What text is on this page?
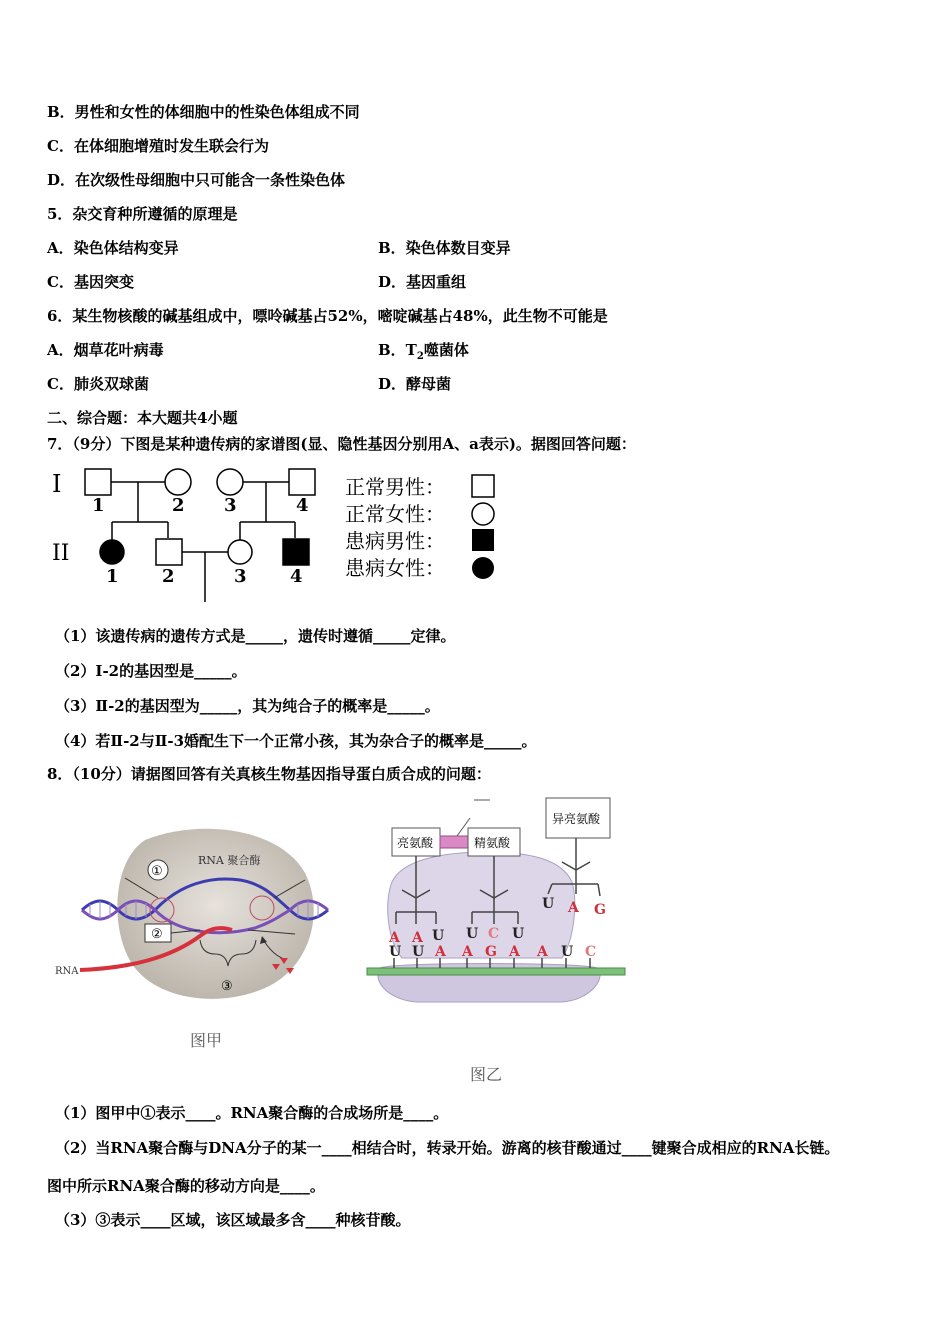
B．男性和女性的体细胞中的性染色体组成不同
C．在体细胞增殖时发生联会行为
D．在次级性母细胞中只可能含一条性染色体
5．杂交育种所遵循的原理是
A．染色体结构变异	B．染色体数目变异
C．基因突变	D．基因重组
6．某生物核酸的碱基组成中，嘌呤碱基占52%，嘧啶碱基占48%，此生物不可能是
A．烟草花叶病毒	B．$T_2$噬菌体
C．肺炎双球菌	D．酵母菌
二、综合题：本大题共4小题
7．（9分）下图是某种遗传病的家谱图(显、隐性基因分别用A、a表示)。据图回答问题：
I
II
1	2 3	4
1 2	3 4
正常男性：
正常女性：
患病男性：
患病女性：
（1）该遗传病的遗传方式是_____，遗传时遵循_____定律。
（2）Ⅰ-2的基因型是_____。
（3）Ⅱ-2的基因型为_____，其为纯合子的概率是_____。
（4）若Ⅱ-2与Ⅱ-3婚配生下一个正常小孩，其为杂合子的概率是_____。
8．（10分）请据图回答有关真核生物基因指导蛋白质合成的问题：
RNA
RNA 聚合酶
①
②
③
图甲
亮氨酸	精氨酸
异亮氨酸
A A U U C U
U A G
U U A A G A A U C
图乙
（1）图甲中①表示____。RNA聚合酶的合成场所是____。
（2）当RNA聚合酶与DNA分子的某一____相结合时，转录开始。游离的核苷酸通过____键聚合成相应的RNA长链。
图中所示RNA聚合酶的移动方向是____。
（3）③表示____区域，该区域最多含____种核苷酸。
